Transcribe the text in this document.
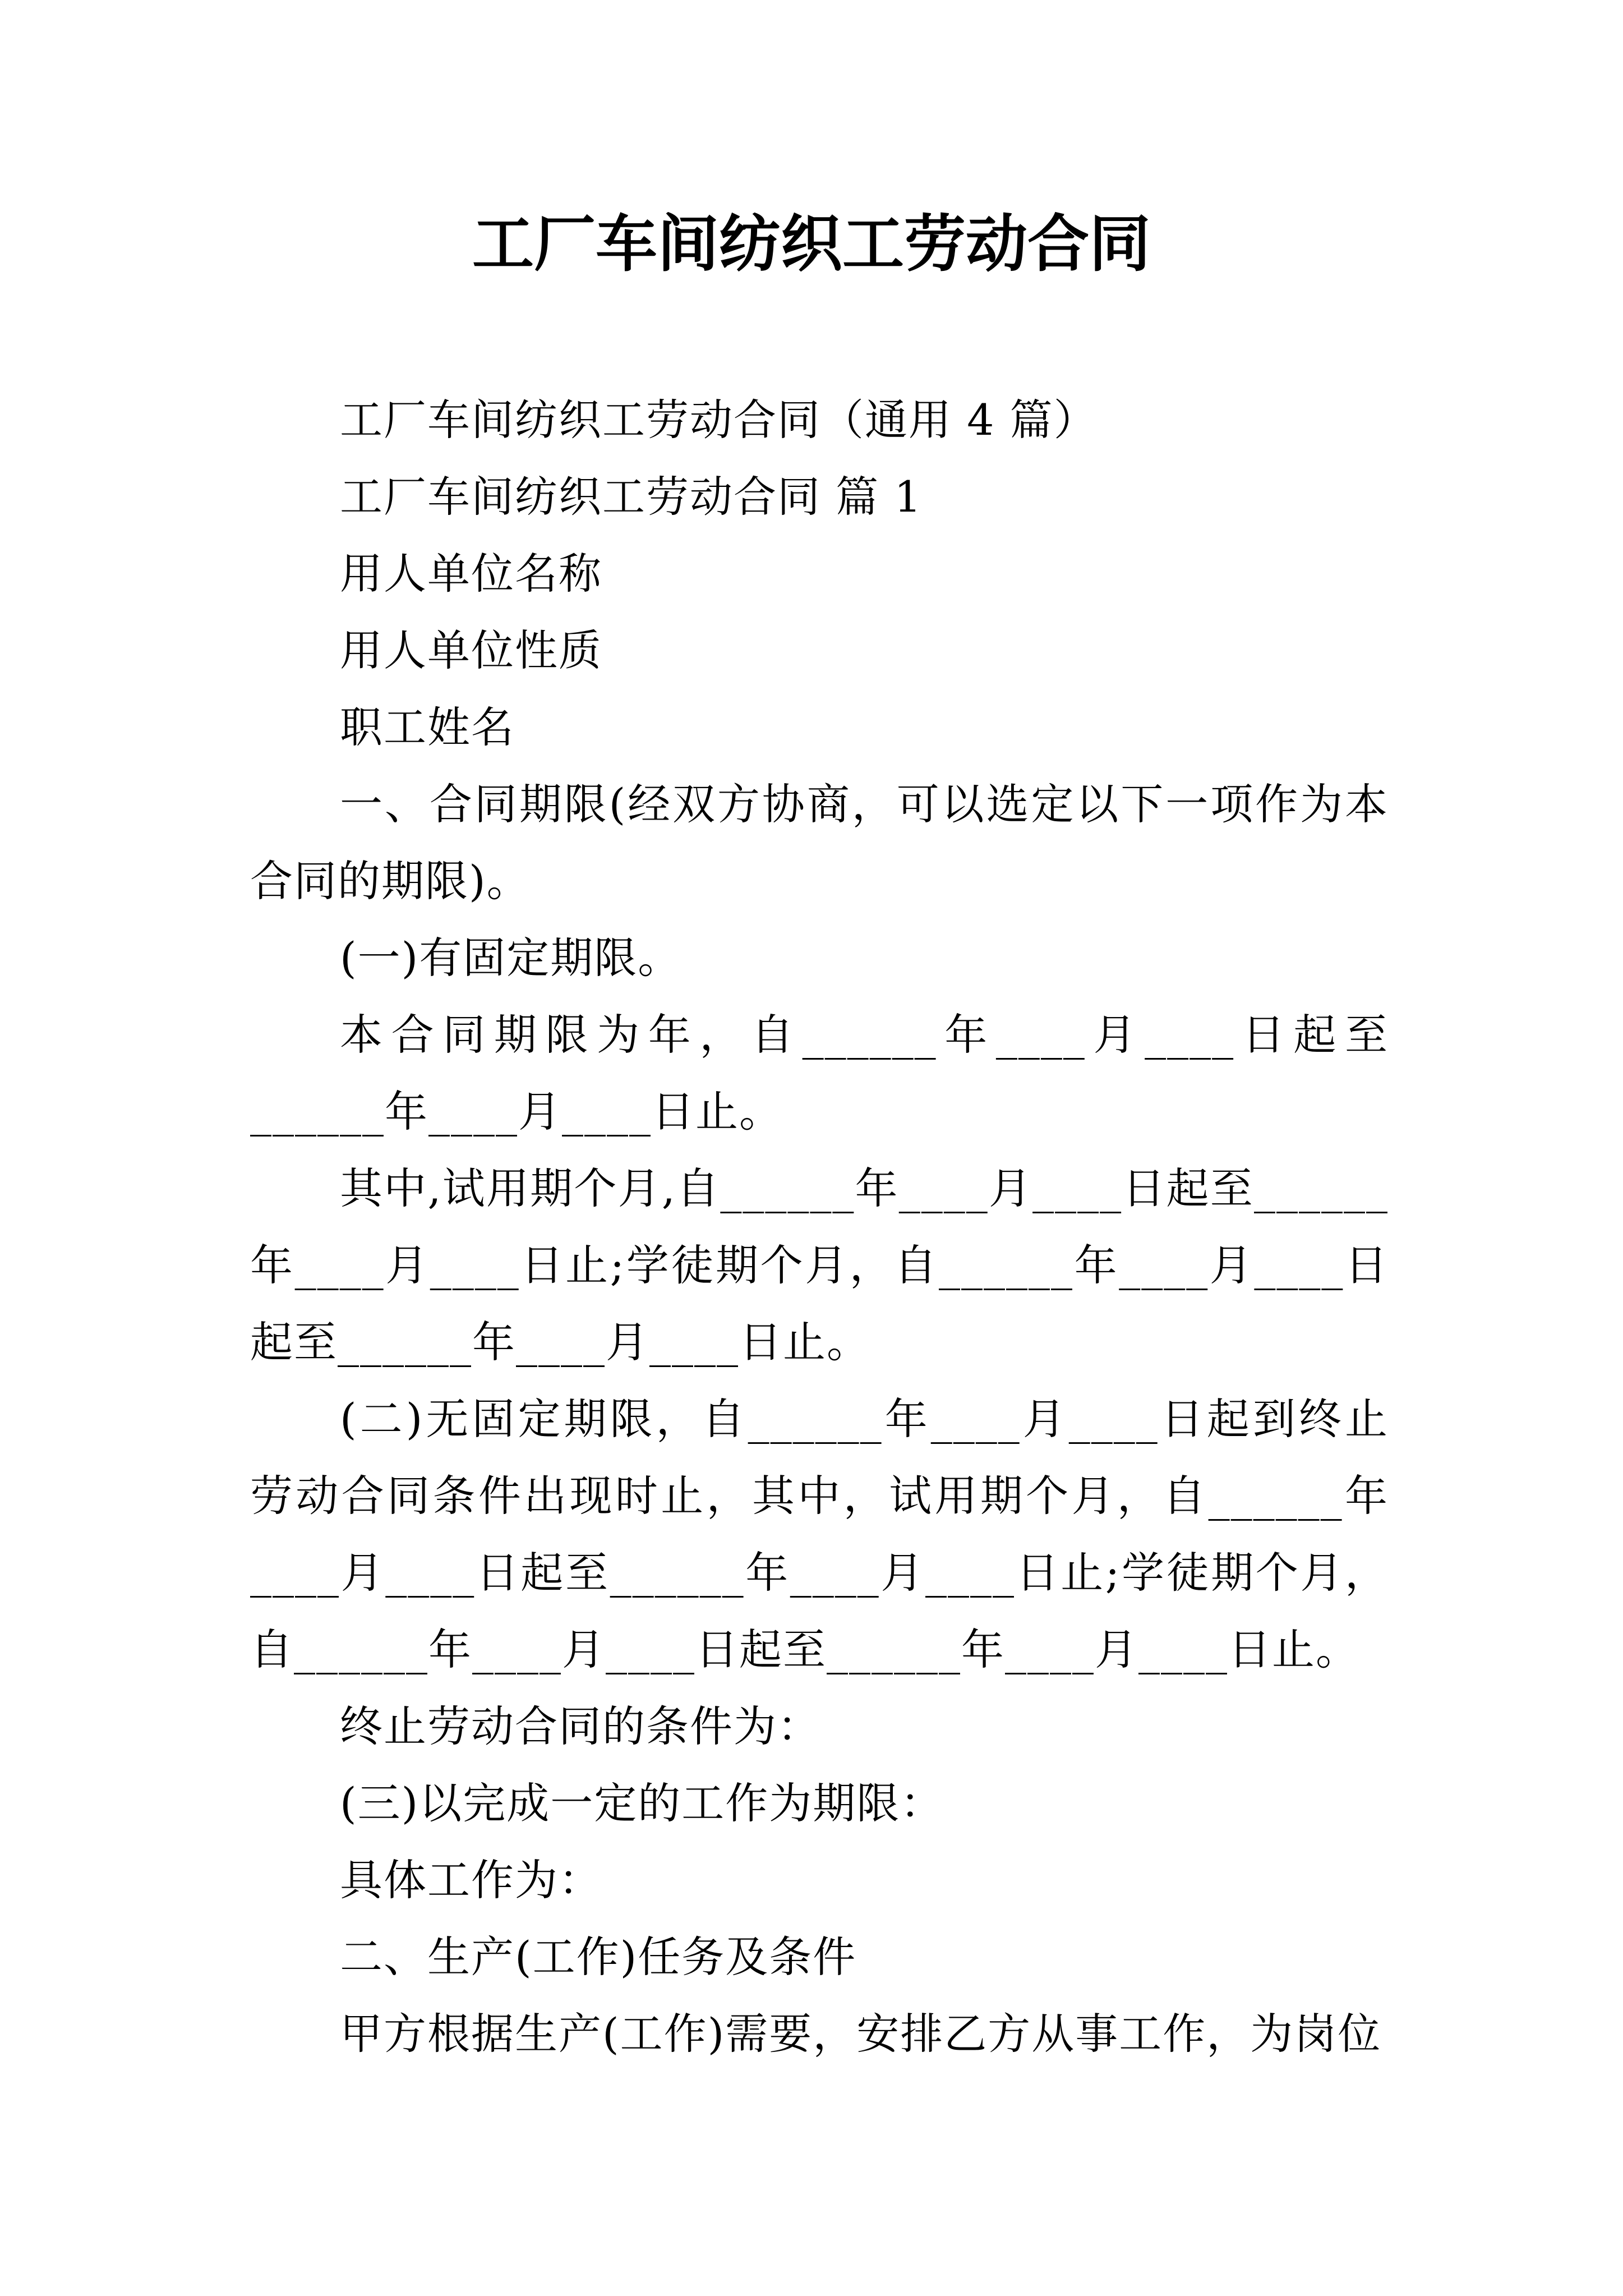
工厂车间纺织工劳动合同

工厂车间纺织工劳动合同（通用 4 篇）

工厂车间纺织工劳动合同 篇 1

用人单位名称

用人单位性质

职工姓名

一、合同期限(经双方协商，可以选定以下一项作为本合同的期限)。

(一)有固定期限。

本合同期限为年，自______年____月____日起至______年____月____日止。

其中,试用期个月,自______年____月____日起至______年____月____日止;学徒期个月，自______年____月____日起至______年____月____日止。

(二)无固定期限，自______年____月____日起到终止劳动合同条件出现时止，其中，试用期个月，自______年____月____日起至______年____月____日止;学徒期个月，自______年____月____日起至______年____月____日止。

终止劳动合同的条件为：

(三)以完成一定的工作为期限：

具体工作为：

二、生产(工作)任务及条件

甲方根据生产(工作)需要，安排乙方从事工作，为岗位
